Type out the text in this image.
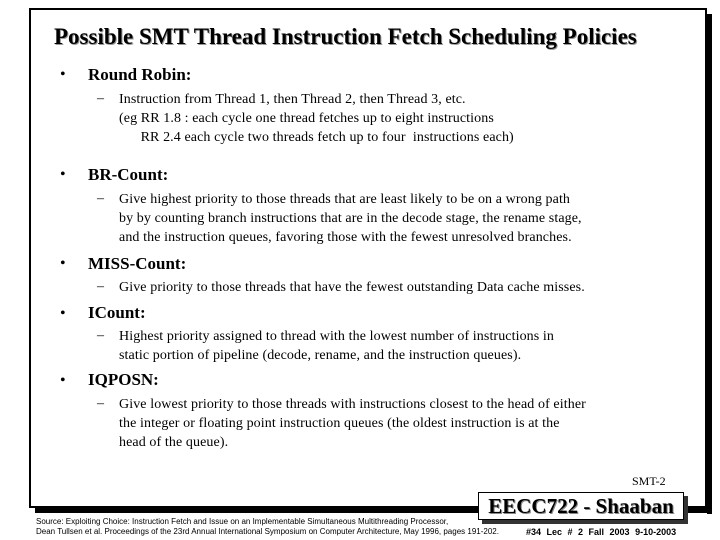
Possible SMT Thread Instruction Fetch Scheduling Policies
• Round Robin:
– Instruction from Thread 1, then Thread 2, then Thread 3, etc.
(eg RR 1.8 : each cycle one thread fetches up to eight instructions
RR 2.4 each cycle two threads fetch up to four  instructions each)
• BR-Count:
– Give highest priority to those threads that are least likely to be on a wrong path
by by counting branch instructions that are in the decode stage, the rename stage,
and the instruction queues, favoring those with the fewest unresolved branches.
• MISS-Count:
– Give priority to those threads that have the fewest outstanding Data cache misses.
• ICount:
– Highest priority assigned to thread with the lowest number of instructions in
static portion of pipeline (decode, rename, and the instruction queues).
• IQPOSN:
– Give lowest priority to those threads with instructions closest to the head of either
the integer or floating point instruction queues (the oldest instruction is at the
head of the queue).
SMT-2
Source: Exploiting Choice: Instruction Fetch and Issue on an Implementable Simultaneous Multithreading Processor,
Dean Tullsen et al. Proceedings of the 23rd Annual International Symposium on Computer Architecture, May 1996, pages 191-202.
EECC722 - Shaaban
#34 Lec # 2 Fall 2003 9-10-2003
